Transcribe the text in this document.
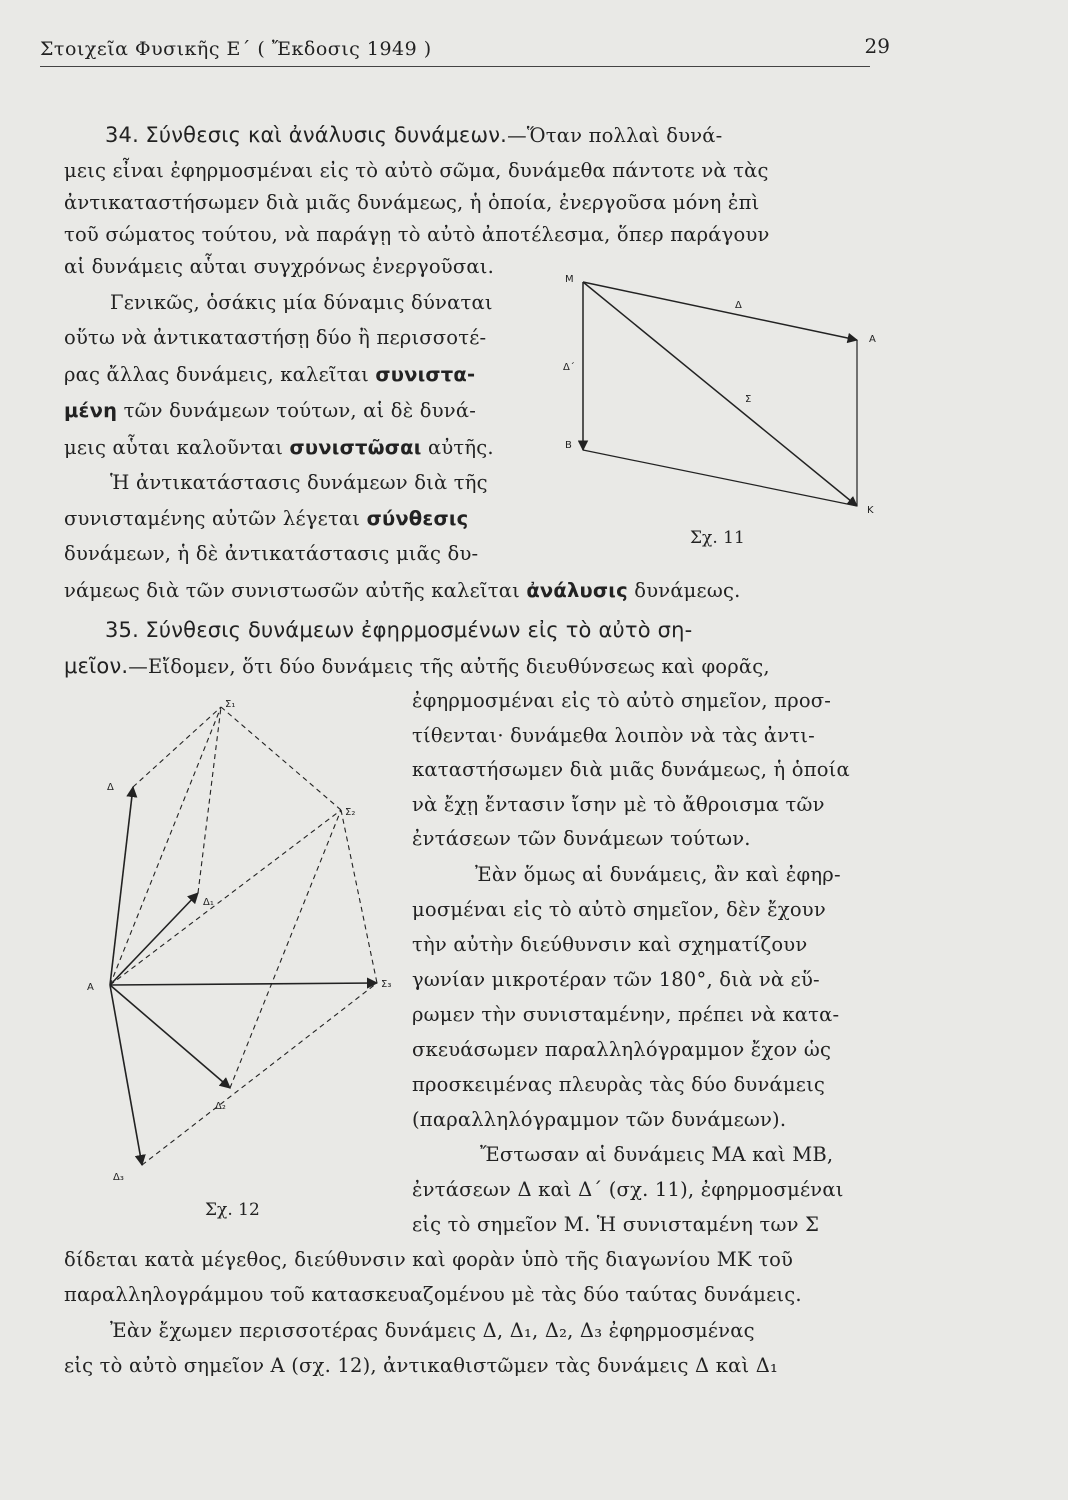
Στοιχεῖα Φυσικῆς Ε΄ ( Ἔκδοσις 1949 )	29

34. Σύνθεσις καὶ ἀνάλυσις δυνάμεων.—Ὅταν πολλαὶ δυνά-

μεις εἶναι ἐφηρμοσμέναι εἰς τὸ αὐτὸ σῶμα, δυνάμεθα πάντοτε νὰ τὰς

ἀντικαταστήσωμεν διὰ μιᾶς δυνάμεως, ἡ ὁποία, ἐνεργοῦσα μόνη ἐπὶ

τοῦ σώματος τούτου, νὰ παράγῃ τὸ αὐτὸ ἀποτέλεσμα, ὅπερ παράγουν

αἱ δυνάμεις αὗται συγχρόνως ἐνεργοῦσαι.

Γενικῶς, ὁσάκις μία δύναμις δύναται

οὕτω νὰ ἀντικαταστήσῃ δύο ἢ περισσοτέ-

ρας ἄλλας δυνάμεις, καλεῖται συνιστα-

μένη τῶν δυνάμεων τούτων, αἱ δὲ δυνά-

μεις αὗται καλοῦνται συνιστῶσαι αὐτῆς.

Ἡ ἀντικατάστασις δυνάμεων διὰ τῆς

συνισταμένης αὐτῶν λέγεται σύνθεσις

δυνάμεων, ἡ δὲ ἀντικατάστασις μιᾶς δυ-

νάμεως διὰ τῶν συνιστωσῶν αὐτῆς καλεῖται ἀνάλυσις δυνάμεως.

M
A
B
K
Δ
Δ΄
Σ
Σχ. 11

35. Σύνθεσις δυνάμεων ἐφηρμοσμένων εἰς τὸ αὐτὸ ση-

μεῖον.—Εἴδομεν, ὅτι δύο δυνάμεις τῆς αὐτῆς διευθύνσεως καὶ φορᾶς,

ἐφηρμοσμέναι εἰς τὸ αὐτὸ σημεῖον, προσ-

τίθενται· δυνάμεθα λοιπὸν νὰ τὰς ἀντι-

καταστήσωμεν διὰ μιᾶς δυνάμεως, ἡ ὁποία

νὰ ἔχῃ ἔντασιν ἴσην μὲ τὸ ἄθροισμα τῶν

ἐντάσεων τῶν δυνάμεων τούτων.

Ἐὰν ὅμως αἱ δυνάμεις, ἂν καὶ ἐφηρ-

μοσμέναι εἰς τὸ αὐτὸ σημεῖον, δὲν ἔχουν

τὴν αὐτὴν διεύθυνσιν καὶ σχηματίζουν

γωνίαν μικροτέραν τῶν 180°, διὰ νὰ εὕ-

ρωμεν τὴν συνισταμένην, πρέπει νὰ κατα-

σκευάσωμεν παραλληλόγραμμον ἔχον ὡς

προσκειμένας πλευρὰς τὰς δύο δυνάμεις

(παραλληλόγραμμον τῶν δυνάμεων).

Ἔστωσαν αἱ δυνάμεις ΜΑ καὶ ΜΒ,

ἐντάσεων Δ καὶ Δ΄ (σχ. 11), ἐφηρμοσμέναι

εἰς τὸ σημεῖον Μ. Ἡ συνισταμένη των Σ

δίδεται κατὰ μέγεθος, διεύθυνσιν καὶ φορὰν ὑπὸ τῆς διαγωνίου ΜΚ τοῦ

παραλληλογράμμου τοῦ κατασκευαζομένου μὲ τὰς δύο ταύτας δυνάμεις.

Ἐὰν ἔχωμεν περισσοτέρας δυνάμεις Δ, Δ₁, Δ₂, Δ₃ ἐφηρμοσμένας

εἰς τὸ αὐτὸ σημεῖον Α (σχ. 12), ἀντικαθιστῶμεν τὰς δυνάμεις Δ καὶ Δ₁

Α
Δ
Δ₁
Δ₂
Δ₃
Σ₁
Σ₂
Σ₃
Σχ. 12
